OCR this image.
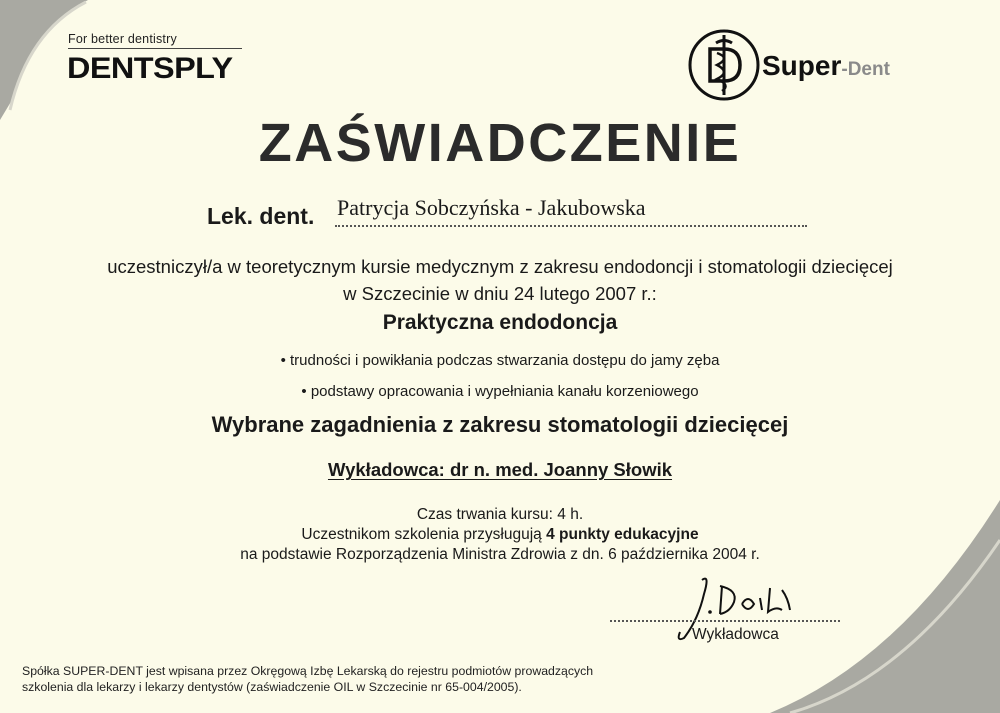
For better dentistry
DENTSPLY	Super-Dent
ZAŚWIADCZENIE
Lek. dent. Patrycja Sobczyńska - Jakubowska
uczestniczył/a w teoretycznym kursie medycznym z zakresu endodoncji i stomatologii dziecięcej
w Szczecinie w dniu 24 lutego 2007 r.:
Praktyczna endodoncja
• trudności i powikłania podczas stwarzania dostępu do jamy zęba
• podstawy opracowania i wypełniania kanału korzeniowego
Wybrane zagadnienia z zakresu stomatologii dziecięcej
Wykładowca: dr n. med. Joanny Słowik
Czas trwania kursu: 4 h.
Uczestnikom szkolenia przysługują 4 punkty edukacyjne
na podstawie Rozporządzenia Ministra Zdrowia z dn. 6 października 2004 r.
Wykładowca
Spółka SUPER-DENT jest wpisana przez Okręgową Izbę Lekarską do rejestru podmiotów prowadzących
szkolenia dla lekarzy i lekarzy dentystów (zaświadczenie OIL w Szczecinie nr 65-004/2005).
